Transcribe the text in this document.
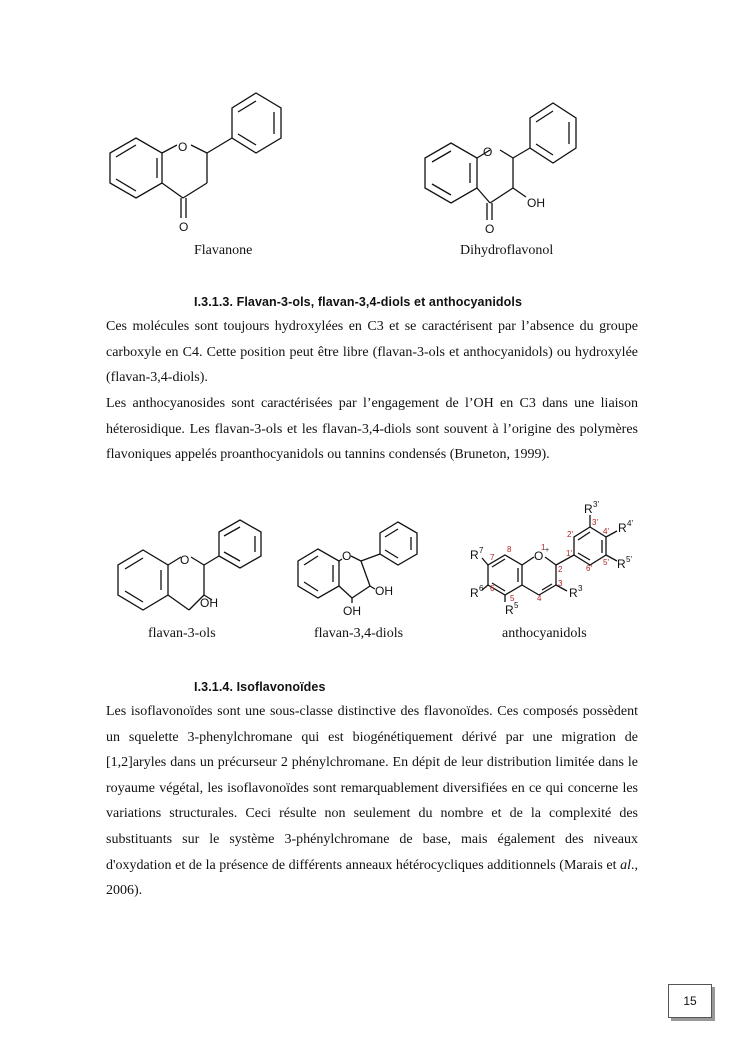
O
O
Flavanone
O
O
OH
Dihydroflavonol
I.3.1.3. Flavan-3-ols, flavan-3,4-diols et anthocyanidols

Ces molécules sont toujours hydroxylées en C3 et se caractérisent par l’absence du groupe carboxyle en C4. Cette position peut être libre (flavan-3-ols et anthocyanidols) ou hydroxylée (flavan-3,4-diols).

Les anthocyanosides sont caractérisées par l’engagement de l’OH en C3 dans une liaison héterosidique. Les flavan-3-ols et les flavan-3,4-diols sont souvent à l’origine des polymères flavoniques appelés proanthocyanidols ou tannins condensés (Bruneton, 1999).

O
OH
O
OH
OH
O +
R 3'
R 4'
R 5'
R 7
R 6
R 5
R 3
1
2
3
4
5
6
7
8	1'
2'
3'
4'
5'
6'
flavan-3-ols	flavan-3,4-diols	anthocyanidols
I.3.1.4. Isoflavonoïdes

Les isoflavonoïdes sont une sous-classe distinctive des flavonoïdes. Ces composés possèdent un squelette 3-phenylchromane qui est biogénétiquement dérivé par une migration de [1,2]aryles dans un précurseur 2 phénylchromane. En dépit de leur distribution limitée dans le royaume végétal, les isoflavonoïdes sont remarquablement diversifiées en ce qui concerne les variations structurales. Ceci résulte non seulement du nombre et de la complexité des substituants sur le système 3-phénylchromane de base, mais également des niveaux d'oxydation et de la présence de différents anneaux hétérocycliques additionnels (Marais et al., 2006).

15
